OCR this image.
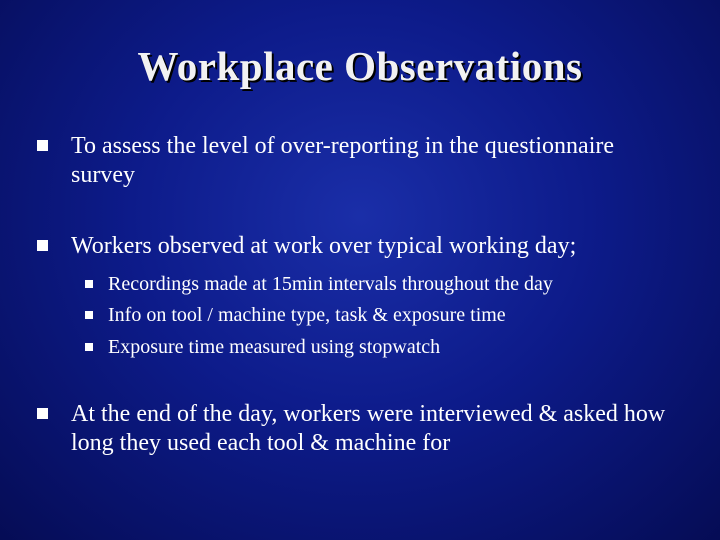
Workplace Observations
To assess the level of over-reporting in the questionnaire survey
Workers observed at work over typical working day;
Recordings made at 15min intervals throughout the day
Info on tool / machine type, task & exposure time
Exposure time measured using stopwatch
At the end of the day, workers were interviewed & asked how long they used each tool & machine for
